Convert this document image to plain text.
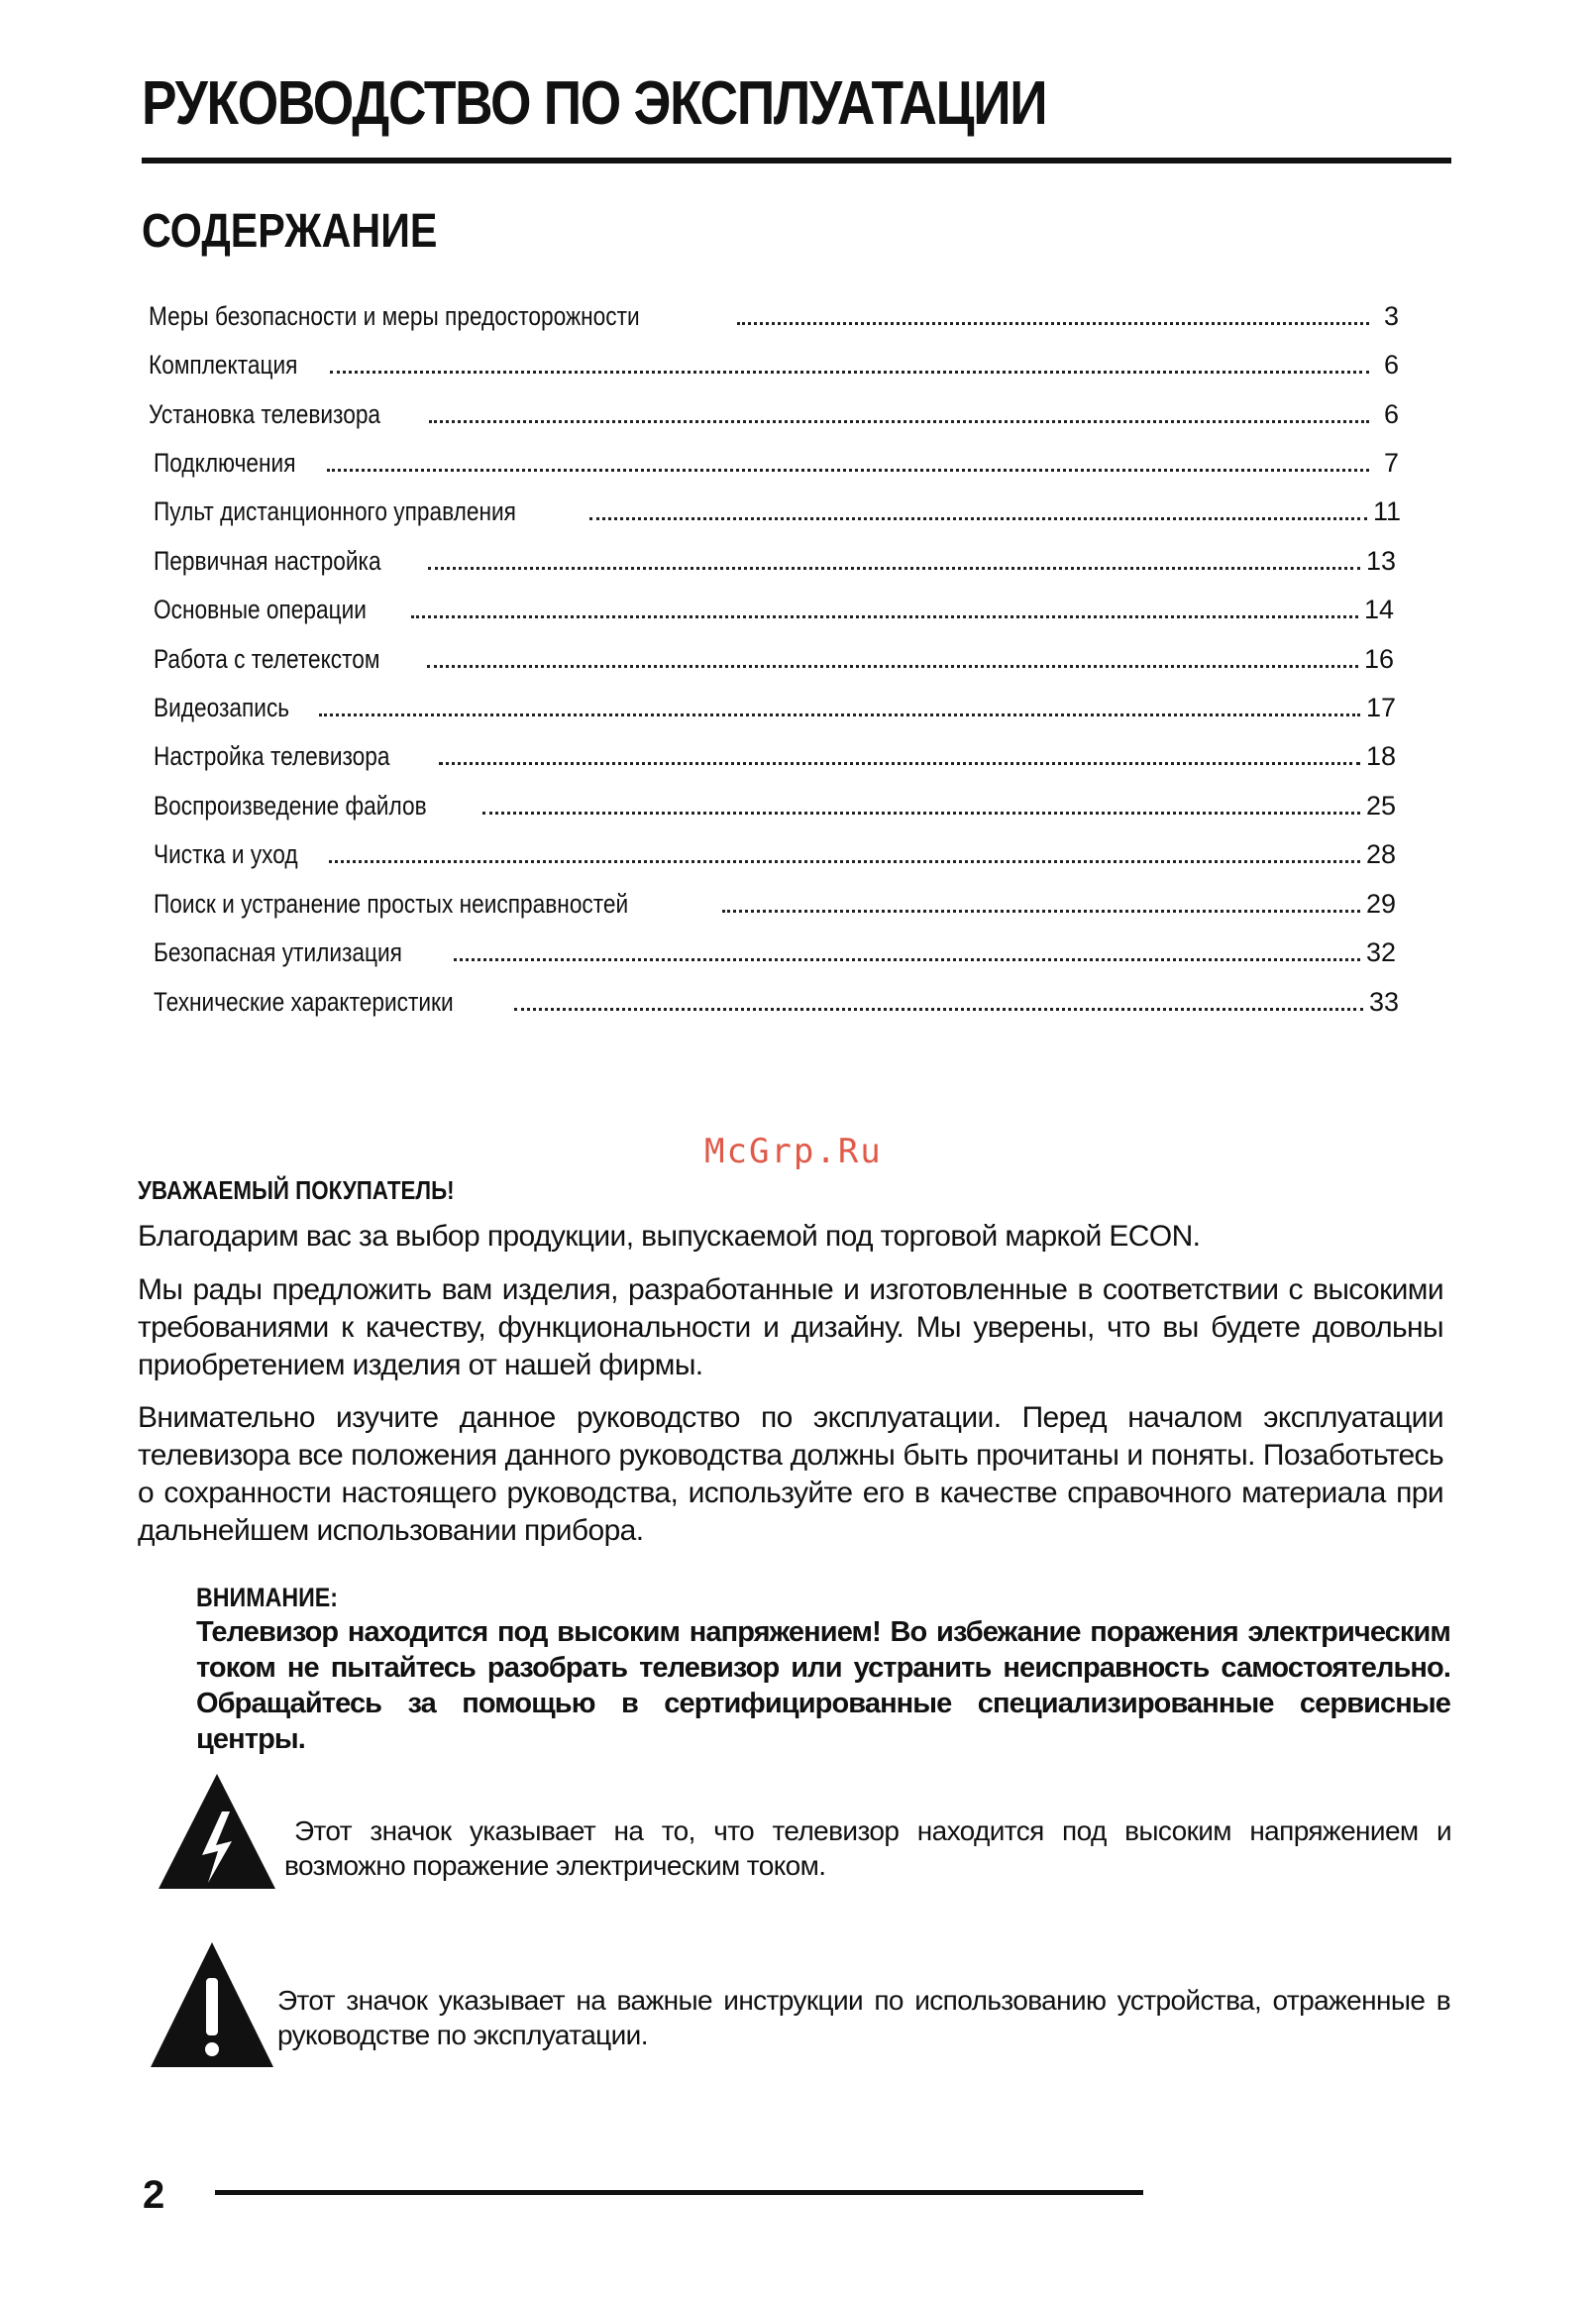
РУКОВОДСТВО ПО ЭКСПЛУАТАЦИИ
СОДЕРЖАНИЕ
Меры безопасности и меры предосторожности	3
Комплектация	6
Установка телевизора	6
Подключения	7
Пульт дистанционного управления	11
Первичная настройка	13
Основные операции	14
Работа с телетекстом	16
Видеозапись	17
Настройка телевизора	18
Воспроизведение файлов	25
Чистка и уход	28
Поиск и устранение простых неисправностей	29
Безопасная утилизация	32
Технические характеристики	33
McGrp.Ru
УВАЖАЕМЫЙ ПОКУПАТЕЛЬ!
Благодарим вас за выбор продукции, выпускаемой под торговой маркой ECON.
Мы рады предложить вам изделия, разработанные и изготовленные в соответствии с высокими требованиями к качеству, функциональности и дизайну. Мы уверены, что вы будете довольны приобретением изделия от нашей фирмы.
Внимательно изучите данное руководство по эксплуатации. Перед началом эксплуатации телевизора все положения данного руководства должны быть прочитаны и поняты. Позаботьтесь о сохранности настоящего руководства, используйте его в качестве справочного материала при дальнейшем использовании прибора.
ВНИМАНИЕ:
Телевизор находится под высоким напряжением! Во избежание поражения электрическим током не пытайтесь разобрать телевизор или устранить неисправность самостоятельно. Обращайтесь за помощью в сертифицированные специализированные сервисные центры.
Этот значок указывает на то, что телевизор находится под высоким напряжением и возможно поражение электрическим током.
Этот значок указывает на важные инструкции по использованию устройства, отраженные в руководстве по эксплуатации.
2
